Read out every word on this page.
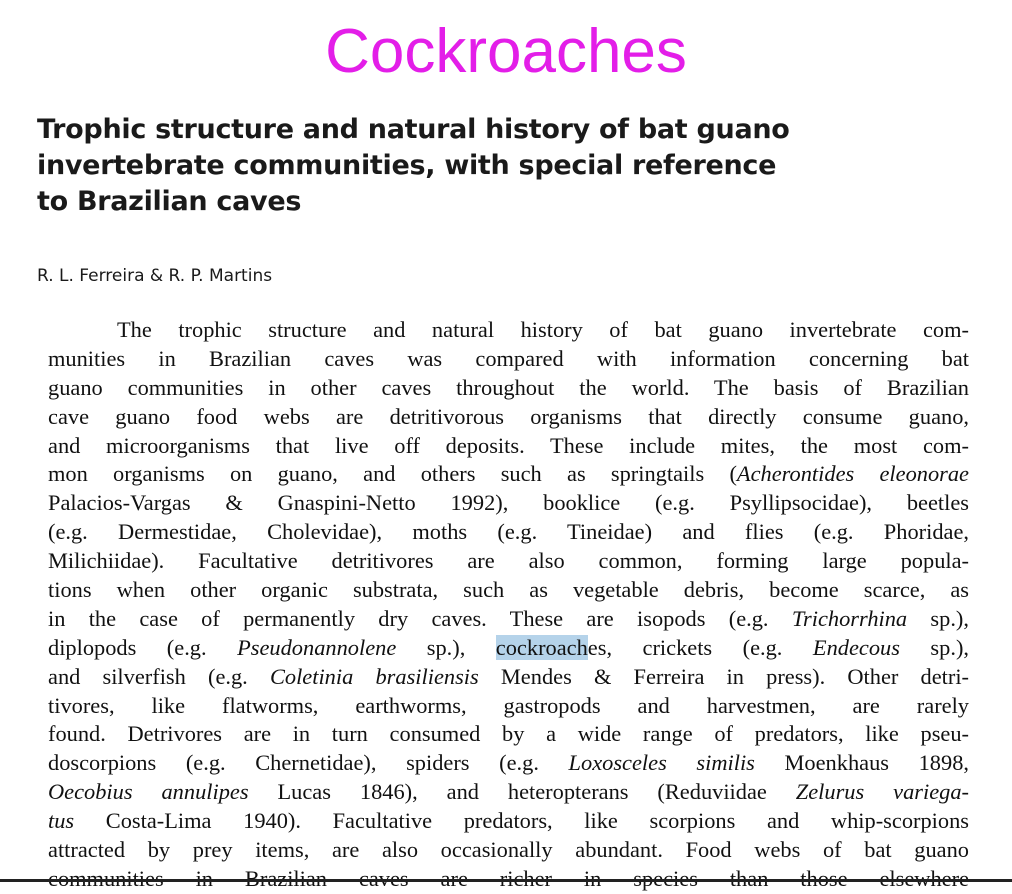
Cockroaches
Trophic structure and natural history of bat guano
invertebrate communities, with special reference
to Brazilian caves
R. L. Ferreira & R. P. Martins
The trophic structure and natural history of bat guano invertebrate com-
munities in Brazilian caves was compared with information concerning bat
guano communities in other caves throughout the world. The basis of Brazilian
cave guano food webs are detritivorous organisms that directly consume guano,
and microorganisms that live off deposits. These include mites, the most com-
mon organisms on guano, and others such as springtails (Acherontides eleonorae
Palacios-Vargas & Gnaspini-Netto 1992), booklice (e.g. Psyllipsocidae), beetles
(e.g. Dermestidae, Cholevidae), moths (e.g. Tineidae) and flies (e.g. Phoridae,
Milichiidae). Facultative detritivores are also common, forming large popula-
tions when other organic substrata, such as vegetable debris, become scarce, as
in the case of permanently dry caves. These are isopods (e.g. Trichorrhina sp.),
diplopods (e.g. Pseudonannolene sp.), cockroaches, crickets (e.g. Endecous sp.),
and silverfish (e.g. Coletinia brasiliensis Mendes & Ferreira in press). Other detri-
tivores, like flatworms, earthworms, gastropods and harvestmen, are rarely
found. Detrivores are in turn consumed by a wide range of predators, like pseu-
doscorpions (e.g. Chernetidae), spiders (e.g. Loxosceles similis Moenkhaus 1898,
Oecobius annulipes Lucas 1846), and heteropterans (Reduviidae Zelurus variega-
tus Costa-Lima 1940). Facultative predators, like scorpions and whip-scorpions
attracted by prey items, are also occasionally abundant. Food webs of bat guano
